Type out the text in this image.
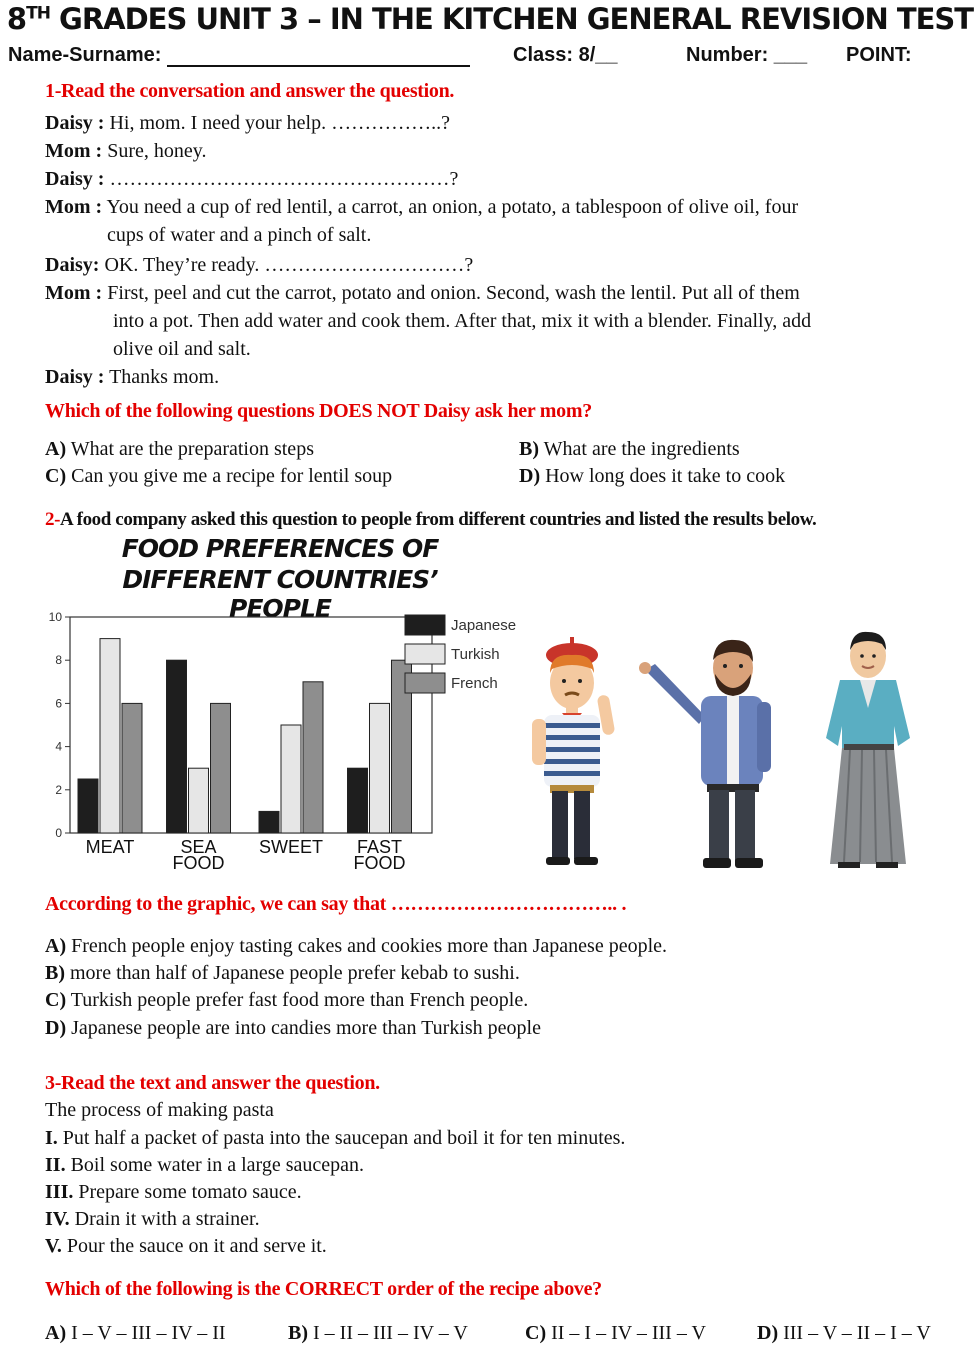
8TH GRADES UNIT 3 – IN THE KITCHEN GENERAL REVISION TEST
Name-Surname:	Class: 8/__	Number: ___ POINT:
1-Read the conversation and answer the question.
Daisy : Hi, mom. I need your help. ……………..?
Mom : Sure, honey.
Daisy : ……………………………………………?
Mom : You need a cup of red lentil, a carrot, an onion, a potato, a tablespoon of olive oil, four
cups of water and a pinch of salt.
Daisy: OK. They’re ready. …………………………?
Mom : First, peel and cut the carrot, potato and onion. Second, wash the lentil. Put all of them
into a pot. Then add water and cook them. After that, mix it with a blender. Finally, add
olive oil and salt.
Daisy : Thanks mom.
Which of the following questions DOES NOT Daisy ask her mom?
A) What are the preparation steps	B) What are the ingredients
C) Can you give me a recipe for lentil soup	D) How long does it take to cook
2-A food company asked this question to people from different countries and listed the results below.
FOOD PREFERENCES OF
DIFFERENT COUNTRIES’ PEOPLE
0
2
4
6
8
10
MEAT	SEA
FOOD
SWEET FAST
FOOD
Japanese
Turkish
French
According to the graphic, we can say that …………………………….. .
A) French people enjoy tasting cakes and cookies more than Japanese people.
B) more than half of Japanese people prefer kebab to sushi.
C) Turkish people prefer fast food more than French people.
D) Japanese people are into candies more than Turkish people
3-Read the text and answer the question.
The process of making pasta
I. Put half a packet of pasta into the saucepan and boil it for ten minutes.
II. Boil some water in a large saucepan.
III. Prepare some tomato sauce.
IV. Drain it with a strainer.
V. Pour the sauce on it and serve it.
Which of the following is the CORRECT order of the recipe above?
A) I – V – III – IV – II	B) I – II – III – IV – V	C) II – I – IV – III – V	D) III – V – II – I – V
